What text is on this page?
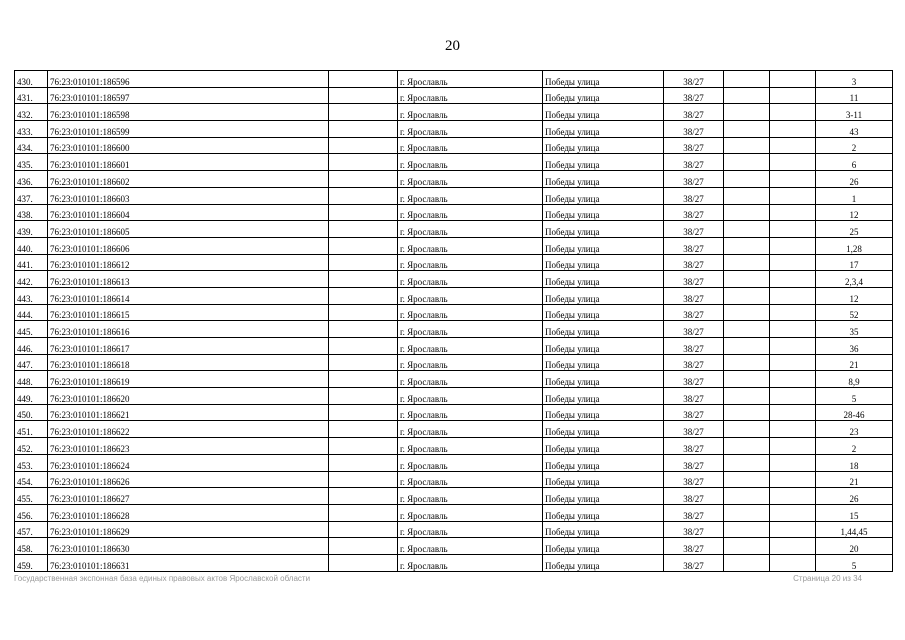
20
430.	76:23:010101:186596		г. Ярославль	Победы улица	38/27			3
431.	76:23:010101:186597		г. Ярославль	Победы улица	38/27			11
432.	76:23:010101:186598		г. Ярославль	Победы улица	38/27			3-11
433.	76:23:010101:186599		г. Ярославль	Победы улица	38/27			43
434.	76:23:010101:186600		г. Ярославль	Победы улица	38/27			2
435.	76:23:010101:186601		г. Ярославль	Победы улица	38/27			6
436.	76:23:010101:186602		г. Ярославль	Победы улица	38/27			26
437.	76:23:010101:186603		г. Ярославль	Победы улица	38/27			1
438.	76:23:010101:186604		г. Ярославль	Победы улица	38/27			12
439.	76:23:010101:186605		г. Ярославль	Победы улица	38/27			25
440.	76:23:010101:186606		г. Ярославль	Победы улица	38/27			1,28
441.	76:23:010101:186612		г. Ярославль	Победы улица	38/27			17
442.	76:23:010101:186613		г. Ярославль	Победы улица	38/27			2,3,4
443.	76:23:010101:186614		г. Ярославль	Победы улица	38/27			12
444.	76:23:010101:186615		г. Ярославль	Победы улица	38/27			52
445.	76:23:010101:186616		г. Ярославль	Победы улица	38/27			35
446.	76:23:010101:186617		г. Ярославль	Победы улица	38/27			36
447.	76:23:010101:186618		г. Ярославль	Победы улица	38/27			21
448.	76:23:010101:186619		г. Ярославль	Победы улица	38/27			8,9
449.	76:23:010101:186620		г. Ярославль	Победы улица	38/27			5
450.	76:23:010101:186621		г. Ярославль	Победы улица	38/27			28-46
451.	76:23:010101:186622		г. Ярославль	Победы улица	38/27			23
452.	76:23:010101:186623		г. Ярославль	Победы улица	38/27			2
453.	76:23:010101:186624		г. Ярославль	Победы улица	38/27			18
454.	76:23:010101:186626		г. Ярославль	Победы улица	38/27			21
455.	76:23:010101:186627		г. Ярославль	Победы улица	38/27			26
456.	76:23:010101:186628		г. Ярославль	Победы улица	38/27			15
457.	76:23:010101:186629		г. Ярославль	Победы улица	38/27			1,44,45
458.	76:23:010101:186630		г. Ярославль	Победы улица	38/27			20
459.	76:23:010101:186631		г. Ярославль	Победы улица	38/27			5
Государственная экспонная база единых правовых актов Ярославской области	Страница 20 из 34
